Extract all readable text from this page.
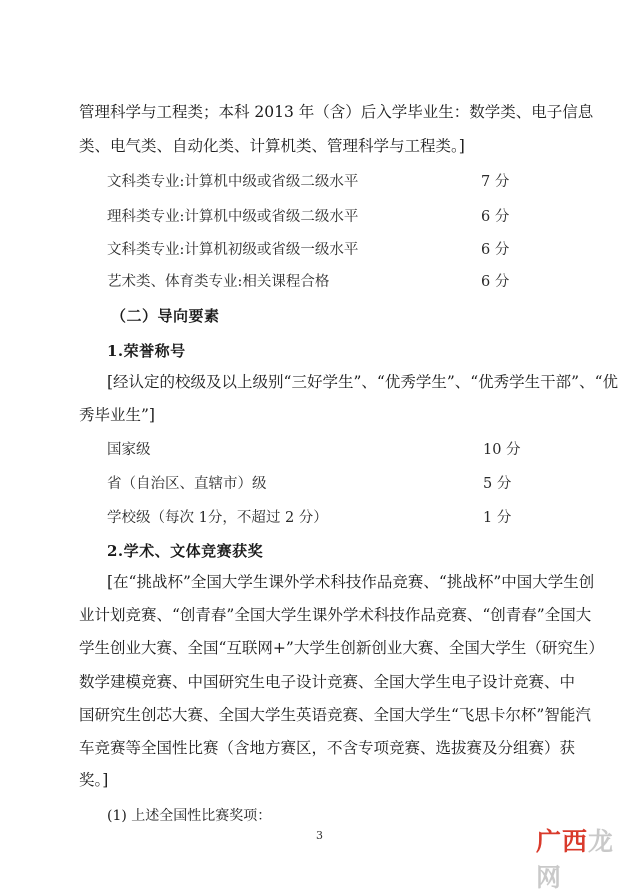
管理科学与工程类；本科 2013 年（含）后入学毕业生：数学类、电子信息
类、电气类、自动化类、计算机类、管理科学与工程类。]
文科类专业:计算机中级或省级二级水平	7 分
理科类专业:计算机中级或省级二级水平	6 分
文科类专业:计算机初级或省级一级水平	6 分
艺术类、体育类专业:相关课程合格	6 分
（二）导向要素
1.荣誉称号
[经认定的校级及以上级别“三好学生”、“优秀学生”、“优秀学生干部”、“优
秀毕业生”]
国家级	10 分
省（自治区、直辖市）级	5 分
学校级（每次 1分，不超过 2 分）	1 分
2.学术、文体竞赛获奖
[在“挑战杯”全国大学生课外学术科技作品竞赛、“挑战杯”中国大学生创
业计划竞赛、“创青春”全国大学生课外学术科技作品竞赛、“创青春”全国大
学生创业大赛、全国“互联网+”大学生创新创业大赛、全国大学生（研究生）
数学建模竞赛、中国研究生电子设计竞赛、全国大学生电子设计竞赛、中
国研究生创芯大赛、全国大学生英语竞赛、全国大学生“飞思卡尔杯”智能汽
车竞赛等全国性比赛（含地方赛区，不含专项竞赛、选拔赛及分组赛）获
奖。]
(1) 上述全国性比赛奖项：
3	广西龙网
